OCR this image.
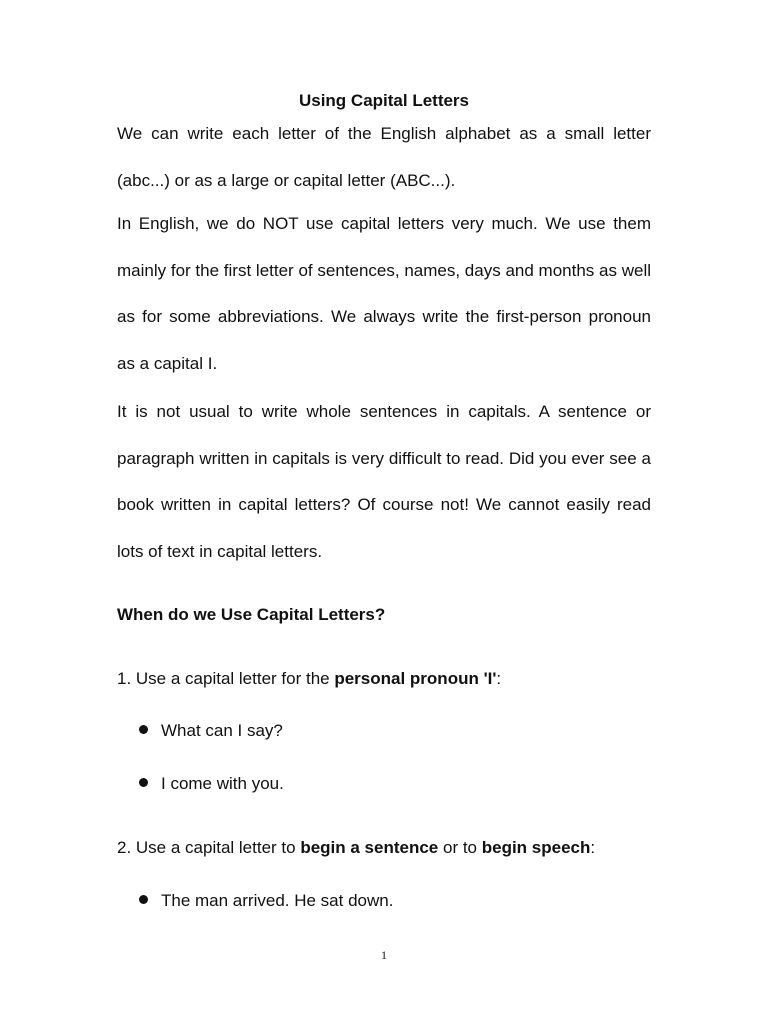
Using Capital Letters

We can write each letter of the English alphabet as a small letter (abc...) or as a large or capital letter (ABC...).

In English, we do NOT use capital letters very much. We use them mainly for the first letter of sentences, names, days and months as well as for some abbreviations. We always write the first-person pronoun as a capital I.

It is not usual to write whole sentences in capitals. A sentence or paragraph written in capitals is very difficult to read. Did you ever see a book written in capital letters? Of course not! We cannot easily read lots of text in capital letters.

When do we Use Capital Letters?
1. Use a capital letter for the personal pronoun 'I':
What can I say?
I come with you.
2. Use a capital letter to begin a sentence or to begin speech:
The man arrived. He sat down.
1
